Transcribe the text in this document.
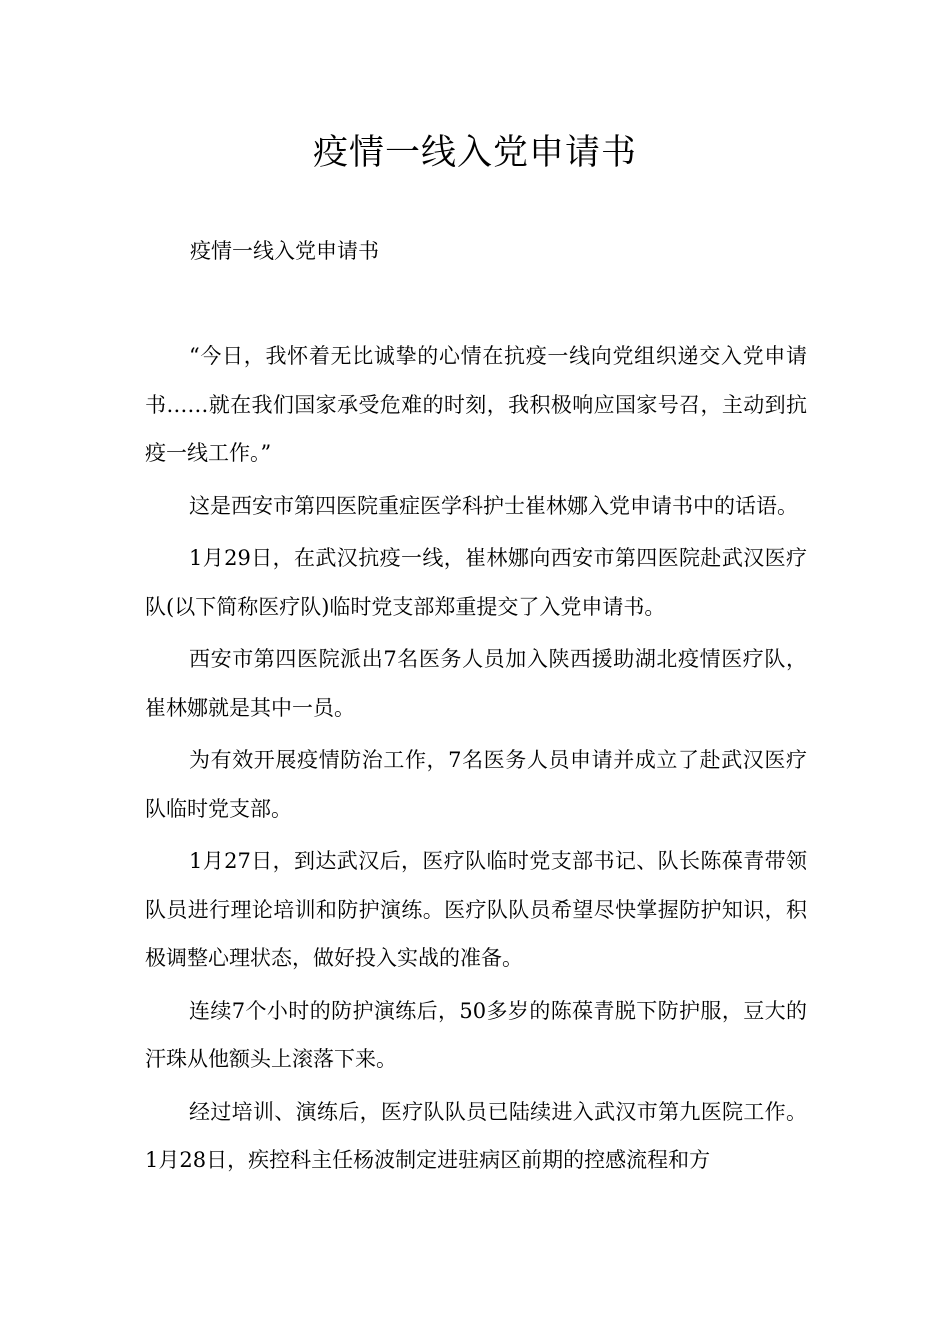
疫情一线入党申请书

疫情一线入党申请书

“今日，我怀着无比诚挚的心情在抗疫一线向党组织递交入党申请书……就在我们国家承受危难的时刻，我积极响应国家号召，主动到抗疫一线工作。”

这是西安市第四医院重症医学科护士崔林娜入党申请书中的话语。

1月29日，在武汉抗疫一线，崔林娜向西安市第四医院赴武汉医疗队(以下简称医疗队)临时党支部郑重提交了入党申请书。

西安市第四医院派出7名医务人员加入陕西援助湖北疫情医疗队，崔林娜就是其中一员。

为有效开展疫情防治工作，7名医务人员申请并成立了赴武汉医疗队临时党支部。

1月27日，到达武汉后，医疗队临时党支部书记、队长陈葆青带领队员进行理论培训和防护演练。医疗队队员希望尽快掌握防护知识，积极调整心理状态，做好投入实战的准备。

连续7个小时的防护演练后，50多岁的陈葆青脱下防护服，豆大的汗珠从他额头上滚落下来。

经过培训、演练后，医疗队队员已陆续进入武汉市第九医院工作。1月28日，疾控科主任杨波制定进驻病区前期的控感流程和方
